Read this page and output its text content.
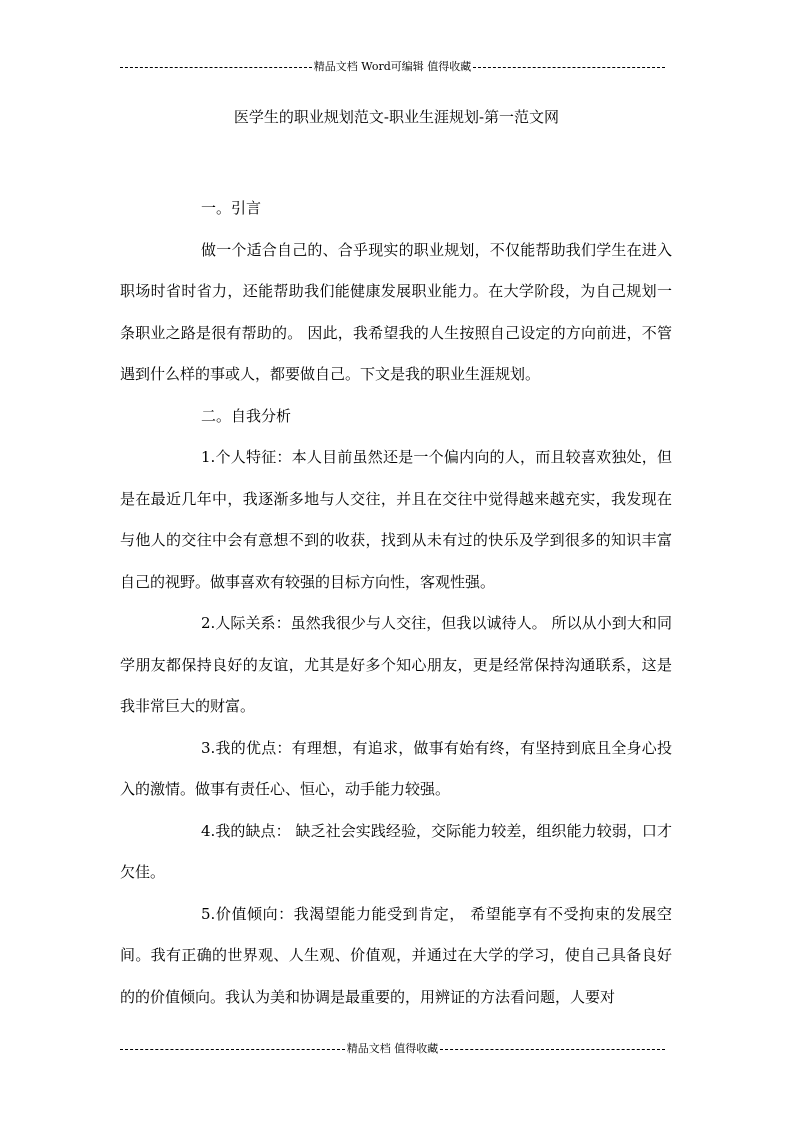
精品文档 Word可编辑 值得收藏
医学生的职业规划范文-职业生涯规划-第一范文网

一。引言

做一个适合自己的、合乎现实的职业规划，不仅能帮助我们学生在进入职场时省时省力，还能帮助我们能健康发展职业能力。在大学阶段，为自己规划一条职业之路是很有帮助的。 因此，我希望我的人生按照自己设定的方向前进，不管遇到什么样的事或人，都要做自己。下文是我的职业生涯规划。

二。自我分析

1.个人特征：本人目前虽然还是一个偏内向的人，而且较喜欢独处，但是在最近几年中，我逐渐多地与人交往，并且在交往中觉得越来越充实，我发现在与他人的交往中会有意想不到的收获，找到从未有过的快乐及学到很多的知识丰富自己的视野。做事喜欢有较强的目标方向性，客观性强。

2.人际关系：虽然我很少与人交往，但我以诚待人。 所以从小到大和同学朋友都保持良好的友谊，尤其是好多个知心朋友，更是经常保持沟通联系，这是我非常巨大的财富。

3.我的优点：有理想，有追求，做事有始有终，有坚持到底且全身心投入的激情。做事有责任心、恒心，动手能力较强。

4.我的缺点： 缺乏社会实践经验，交际能力较差，组织能力较弱，口才欠佳。

5.价值倾向：我渴望能力能受到肯定， 希望能享有不受拘束的发展空间。我有正确的世界观、人生观、价值观，并通过在大学的学习，使自己具备良好的的价值倾向。我认为美和协调是最重要的，用辨证的方法看问题，人要对

精品文档 值得收藏
